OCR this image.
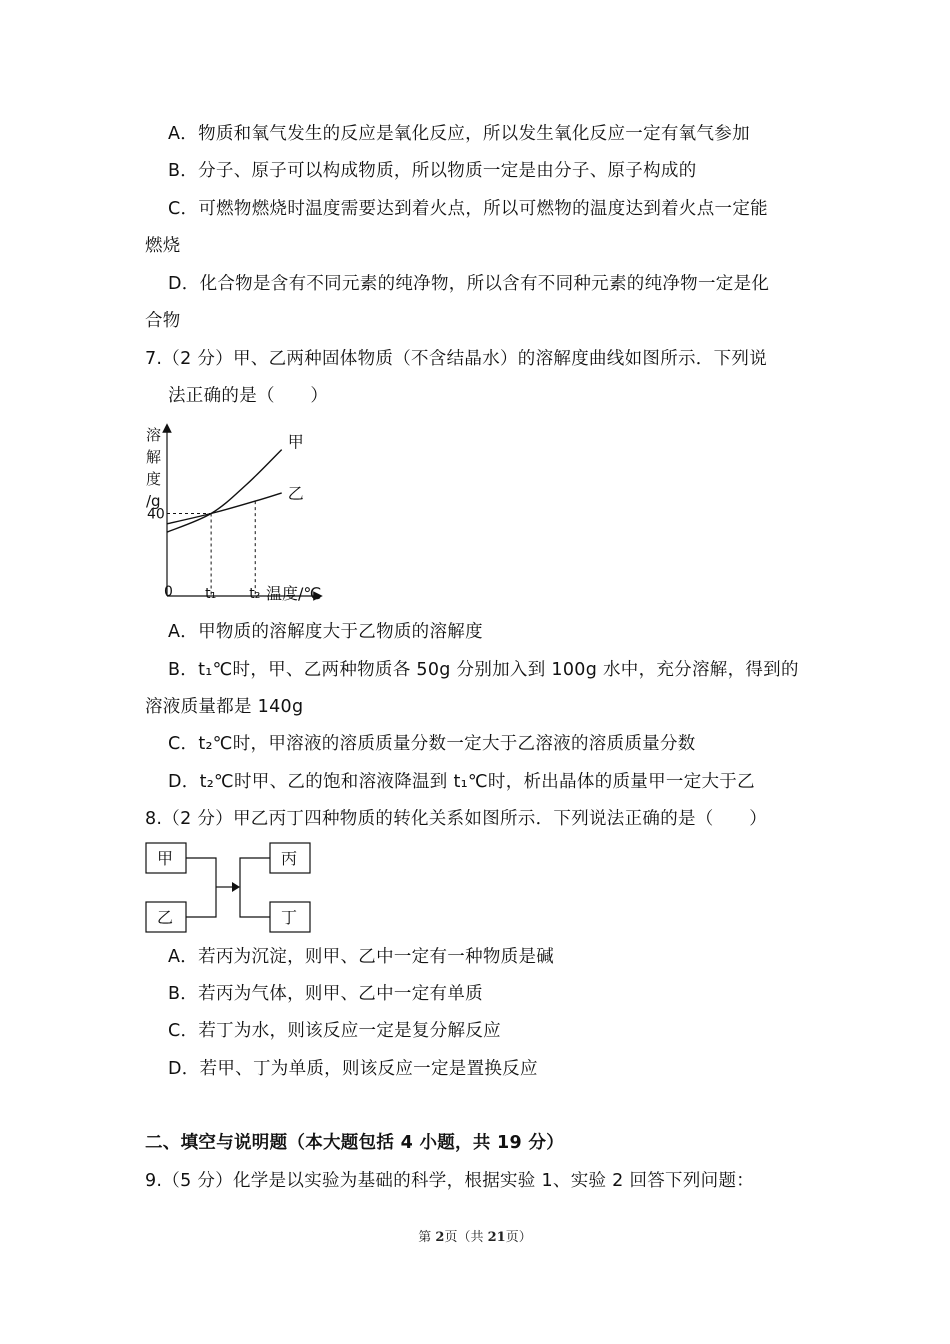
A．物质和氧气发生的反应是氧化反应，所以发生氧化反应一定有氧气参加
B．分子、原子可以构成物质，所以物质一定是由分子、原子构成的
C．可燃物燃烧时温度需要达到着火点，所以可燃物的温度达到着火点一定能
燃烧
D．化合物是含有不同元素的纯净物，所以含有不同种元素的纯净物一定是化
合物
7.（2 分）甲、乙两种固体物质（不含结晶水）的溶解度曲线如图所示．下列说
法正确的是（　　）
溶
解
度
/g
甲
乙
40
0 t₁ t₂ 温度/℃
A．甲物质的溶解度大于乙物质的溶解度
B．t₁℃时，甲、乙两种物质各 50g 分别加入到 100g 水中，充分溶解，得到的
溶液质量都是 140g
C．t₂℃时，甲溶液的溶质质量分数一定大于乙溶液的溶质质量分数
D．t₂℃时甲、乙的饱和溶液降温到 t₁℃时，析出晶体的质量甲一定大于乙
8.（2 分）甲乙丙丁四种物质的转化关系如图所示．下列说法正确的是（　　）
甲
乙
丙
丁
A．若丙为沉淀，则甲、乙中一定有一种物质是碱
B．若丙为气体，则甲、乙中一定有单质
C．若丁为水，则该反应一定是复分解反应
D．若甲、丁为单质，则该反应一定是置换反应
二、填空与说明题（本大题包括 4 小题，共 19 分）
9.（5 分）化学是以实验为基础的科学，根据实验 1、实验 2 回答下列问题：
第 2页（共 21页）
